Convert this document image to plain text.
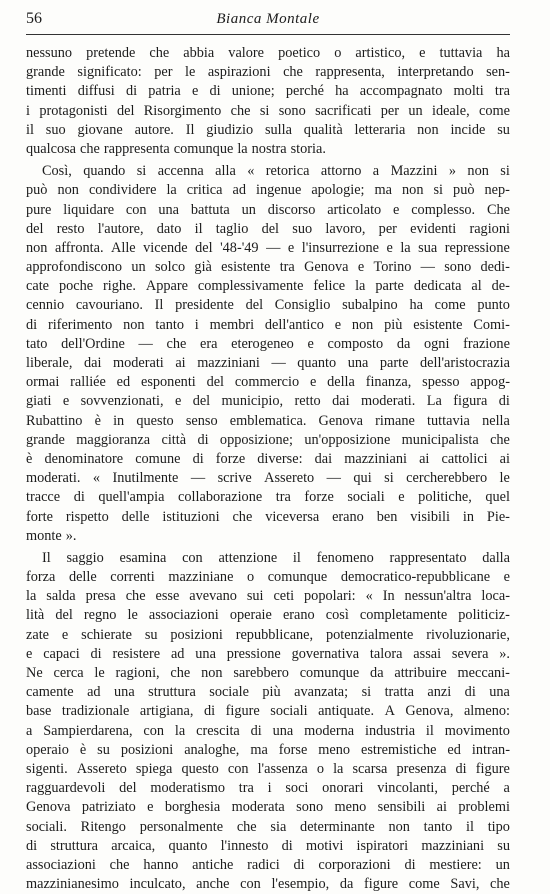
56	Bianca Montale
nessuno pretende che abbia valore poetico o artistico, e tuttavia ha
grande significato: per le aspirazioni che rappresenta, interpretando sen-
timenti diffusi di patria e di unione; perché ha accompagnato molti tra
i protagonisti del Risorgimento che si sono sacrificati per un ideale, come
il suo giovane autore. Il giudizio sulla qualità letteraria non incide su
qualcosa che rappresenta comunque la nostra storia.
Così, quando si accenna alla « retorica attorno a Mazzini » non si
può non condividere la critica ad ingenue apologie; ma non si può nep-
pure liquidare con una battuta un discorso articolato e complesso. Che
del resto l'autore, dato il taglio del suo lavoro, per evidenti ragioni
non affronta. Alle vicende del '48-'49 — e l'insurrezione e la sua repressione
approfondiscono un solco già esistente tra Genova e Torino — sono dedi-
cate poche righe. Appare complessivamente felice la parte dedicata al de-
cennio cavouriano. Il presidente del Consiglio subalpino ha come punto
di riferimento non tanto i membri dell'antico e non più esistente Comi-
tato dell'Ordine — che era eterogeneo e composto da ogni frazione
liberale, dai moderati ai mazziniani — quanto una parte dell'aristocrazia
ormai ralliée ed esponenti del commercio e della finanza, spesso appog-
giati e sovvenzionati, e del municipio, retto dai moderati. La figura di
Rubattino è in questo senso emblematica. Genova rimane tuttavia nella
grande maggioranza città di opposizione; un'opposizione municipalista che
è denominatore comune di forze diverse: dai mazziniani ai cattolici ai
moderati. « Inutilmente — scrive Assereto — qui si cercherebbero le
tracce di quell'ampia collaborazione tra forze sociali e politiche, quel
forte rispetto delle istituzioni che viceversa erano ben visibili in Pie-
monte ».
Il saggio esamina con attenzione il fenomeno rappresentato dalla
forza delle correnti mazziniane o comunque democratico-repubblicane e
la salda presa che esse avevano sui ceti popolari: « In nessun'altra loca-
lità del regno le associazioni operaie erano così completamente politiciz-
zate e schierate su posizioni repubblicane, potenzialmente rivoluzionarie,
e capaci di resistere ad una pressione governativa talora assai severa ».
Ne cerca le ragioni, che non sarebbero comunque da attribuire meccani-
camente ad una struttura sociale più avanzata; si tratta anzi di una
base tradizionale artigiana, di figure sociali antiquate. A Genova, almeno:
a Sampierdarena, con la crescita di una moderna industria il movimento
operaio è su posizioni analoghe, ma forse meno estremistiche ed intran-
sigenti. Assereto spiega questo con l'assenza o la scarsa presenza di figure
ragguardevoli del moderatismo tra i soci onorari vincolanti, perché a
Genova patriziato e borghesia moderata sono meno sensibili ai problemi
sociali. Ritengo personalmente che sia determinante non tanto il tipo
di struttura arcaica, quanto l'innesto di motivi ispiratori mazziniani su
associazioni che hanno antiche radici di corporazioni di mestiere: un
mazzinianesimo inculcato, anche con l'esempio, da figure come Savi, che
